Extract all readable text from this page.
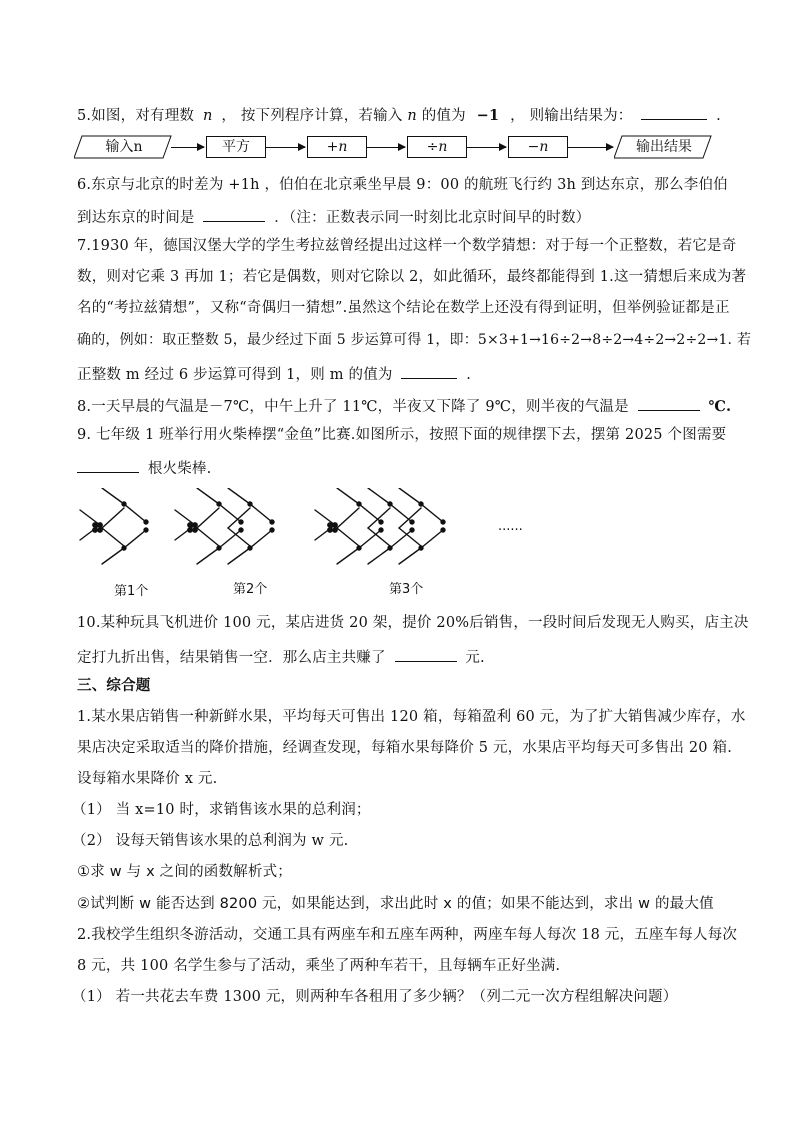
5.如图，对有理数 n ， 按下列程序计算，若输入 n 的值为 −1 ， 则输出结果为：	.
输入n	平方	+n	÷n	−n	输出结果
6.东京与北京的时差为 +1h ，伯伯在北京乘坐早晨 9：00 的航班飞行约 3h 到达东京，那么李伯伯
到达东京的时间是	．（注：正数表示同一时刻比北京时间早的时数）
7.1930 年，德国汉堡大学的学生考拉兹曾经提出过这样一个数学猜想：对于每一个正整数，若它是奇
数，则对它乘 3 再加 1；若它是偶数，则对它除以 2，如此循环，最终都能得到 1.这一猜想后来成为著
名的“考拉兹猜想”，又称“奇偶归一猜想”.虽然这个结论在数学上还没有得到证明，但举例验证都是正
确的，例如：取正整数 5，最少经过下面 5 步运算可得 1，即：5×3+1→16÷2→8÷2→4÷2→2÷2→1. 若
正整数 m 经过 6 步运算可得到 1，则 m 的值为	.
8.一天早晨的气温是－7℃，中午上升了 11℃，半夜又下降了 9℃，则半夜的气温是	℃.
9. 七年级 1 班举行用火柴棒摆“金鱼”比赛.如图所示，按照下面的规律摆下去，摆第 2025 个图需要
根火柴棒.
......
第1个	第2个	第3个
10.某种玩具飞机进价 100 元，某店进货 20 架，提价 20%后销售，一段时间后发现无人购买，店主决
定打九折出售，结果销售一空．那么店主共赚了	元.
三、综合题
1.某水果店销售一种新鲜水果，平均每天可售出 120 箱，每箱盈利 60 元，为了扩大销售减少库存，水
果店决定采取适当的降价措施，经调查发现，每箱水果每降价 5 元，水果店平均每天可多售出 20 箱.
设每箱水果降价 x 元.
（1） 当 x=10 时，求销售该水果的总利润；
（2） 设每天销售该水果的总利润为 w 元.
①求 w 与 x 之间的函数解析式；
②试判断 w 能否达到 8200 元，如果能达到，求出此时 x 的值；如果不能达到，求出 w 的最大值
2.我校学生组织冬游活动，交通工具有两座车和五座车两种，两座车每人每次 18 元，五座车每人每次
8 元，共 100 名学生参与了活动，乘坐了两种车若干，且每辆车正好坐满.
（1） 若一共花去车费 1300 元，则两种车各租用了多少辆？（列二元一次方程组解决问题）
